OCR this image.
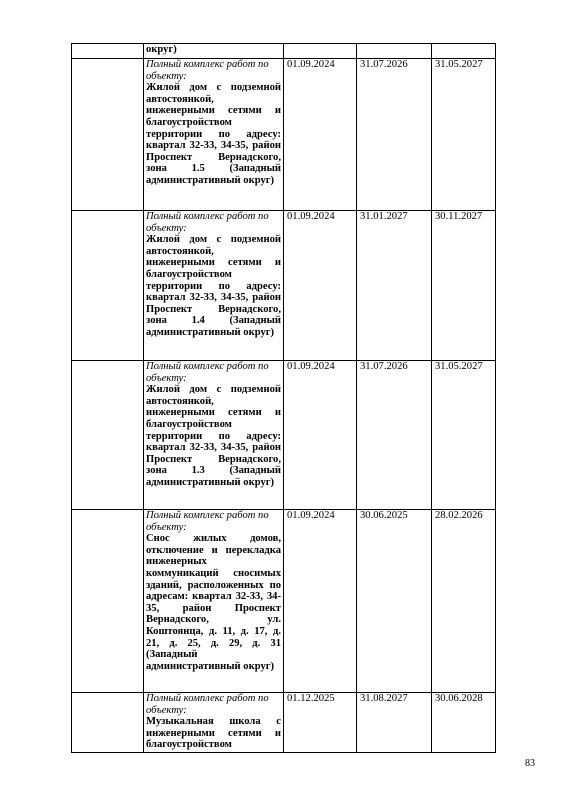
	округ)			

	Полный комплекс работ по объекту:
Жилой дом с подземной автостоянкой, инженерными сетями и благоустройством территории по адресу: квартал 32-33, 34-35, район Проспект Вернадского, зона 1.5 (Западный административный округ)	01.09.2024	31.07.2026	31.05.2027

	Полный комплекс работ по объекту:
Жилой дом с подземной автостоянкой, инженерными сетями и благоустройством территории по адресу: квартал 32-33, 34-35, район Проспект Вернадского, зона 1.4 (Западный административный округ)	01.09.2024	31.01.2027	30.11.2027

	Полный комплекс работ по объекту:
Жилой дом с подземной автостоянкой, инженерными сетями и благоустройством территории по адресу: квартал 32-33, 34-35, район Проспект Вернадского, зона 1.3 (Западный административный округ)	01.09.2024	31.07.2026	31.05.2027

	Полный комплекс работ по объекту:
Снос жилых домов, отключение и перекладка инженерных коммуникаций сносимых зданий, расположенных по адресам: квартал 32-33, 34-35, район Проспект Вернадского, ул. Коштоянца, д. 11, д. 17, д. 21, д. 25, д. 29, д. 31 (Западный административный округ)	01.09.2024	30.06.2025	28.02.2026

	Полный комплекс работ по объекту:
Музыкальная школа с инженерными сетями и благоустройством	01.12.2025	31.08.2027	30.06.2028
83
